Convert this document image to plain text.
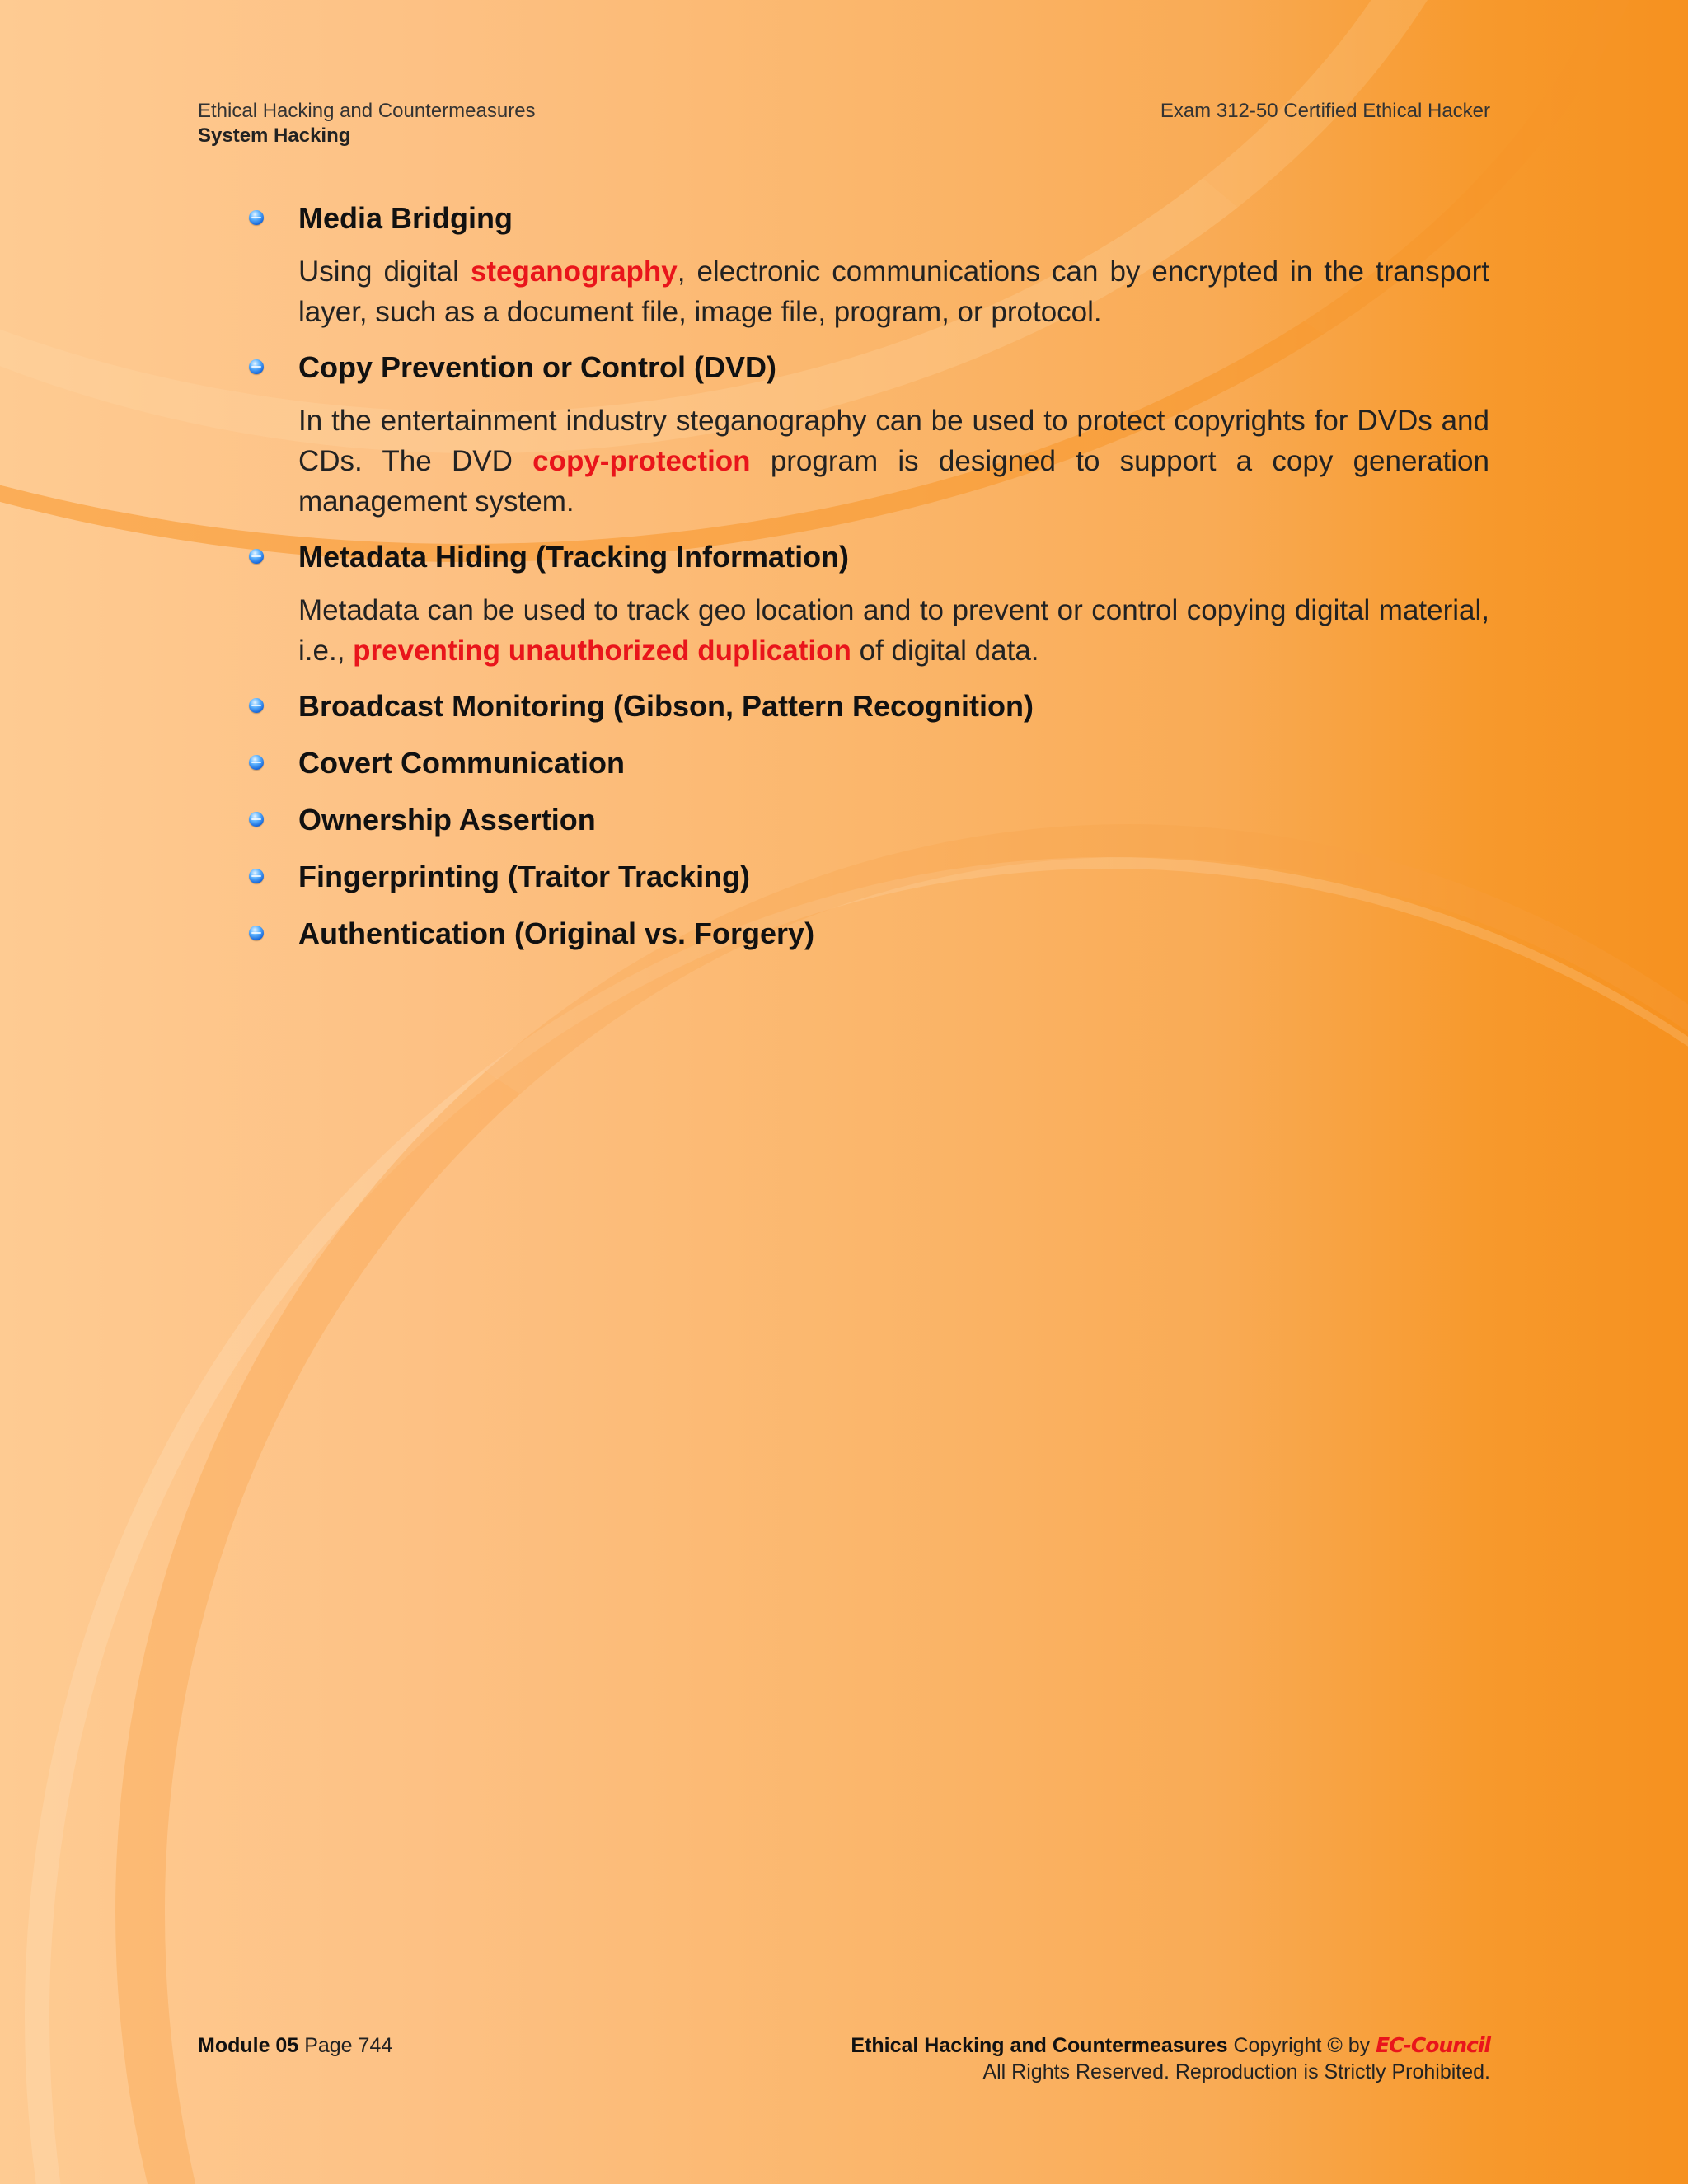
Ethical Hacking and Countermeasures
System Hacking
Exam 312-50 Certified Ethical Hacker

Media Bridging

Using digital steganography, electronic communications can by encrypted in the transport layer, such as a document file, image file, program, or protocol.

Copy Prevention or Control (DVD)

In the entertainment industry steganography can be used to protect copyrights for DVDs and CDs. The DVD copy-protection program is designed to support a copy generation management system.

Metadata Hiding (Tracking Information)

Metadata can be used to track geo location and to prevent or control copying digital material, i.e., preventing unauthorized duplication of digital data.

Broadcast Monitoring (Gibson, Pattern Recognition)

Covert Communication

Ownership Assertion

Fingerprinting (Traitor Tracking)

Authentication (Original vs. Forgery)

Module 05 Page 744	Ethical Hacking and Countermeasures Copyright © by EC-Council
All Rights Reserved. Reproduction is Strictly Prohibited.
